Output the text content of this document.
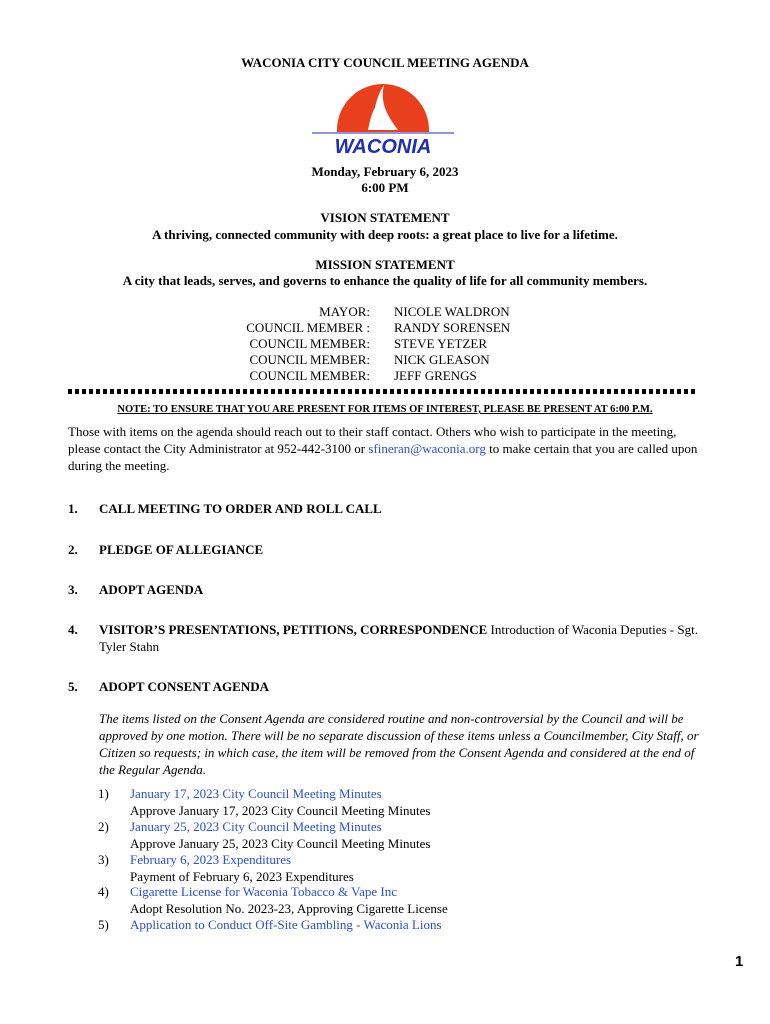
WACONIA CITY COUNCIL MEETING AGENDA
WACONIA
Monday, February 6, 2023
6:00 PM
VISION STATEMENT
A thriving, connected community with deep roots: a great place to live for a lifetime.
MISSION STATEMENT
A city that leads, serves, and governs to enhance the quality of life for all community members.
MAYOR: NICOLE WALDRON
COUNCIL MEMBER : RANDY SORENSEN
COUNCIL MEMBER: STEVE YETZER
COUNCIL MEMBER: NICK GLEASON
COUNCIL MEMBER: JEFF GRENGS
NOTE: TO ENSURE THAT YOU ARE PRESENT FOR ITEMS OF INTEREST, PLEASE BE PRESENT AT 6:00 P.M.
Those with items on the agenda should reach out to their staff contact. Others who wish to participate in the meeting, please contact the City Administrator at 952-442-3100 or sfineran@waconia.org to make certain that you are called upon during the meeting.
1. CALL MEETING TO ORDER AND ROLL CALL
2. PLEDGE OF ALLEGIANCE
3. ADOPT AGENDA
4. VISITOR’S PRESENTATIONS, PETITIONS, CORRESPONDENCE Introduction of Waconia Deputies - Sgt. Tyler Stahn
5. ADOPT CONSENT AGENDA
The items listed on the Consent Agenda are considered routine and non-controversial by the Council and will be approved by one motion. There will be no separate discussion of these items unless a Councilmember, City Staff, or Citizen so requests; in which case, the item will be removed from the Consent Agenda and considered at the end of the Regular Agenda.
1) January 17, 2023 City Council Meeting Minutes
Approve January 17, 2023 City Council Meeting Minutes
2) January 25, 2023 City Council Meeting Minutes
Approve January 25, 2023 City Council Meeting Minutes
3) February 6, 2023 Expenditures
Payment of February 6, 2023 Expenditures
4) Cigarette License for Waconia Tobacco & Vape Inc
Adopt Resolution No. 2023-23, Approving Cigarette License
5) Application to Conduct Off-Site Gambling - Waconia Lions
1
